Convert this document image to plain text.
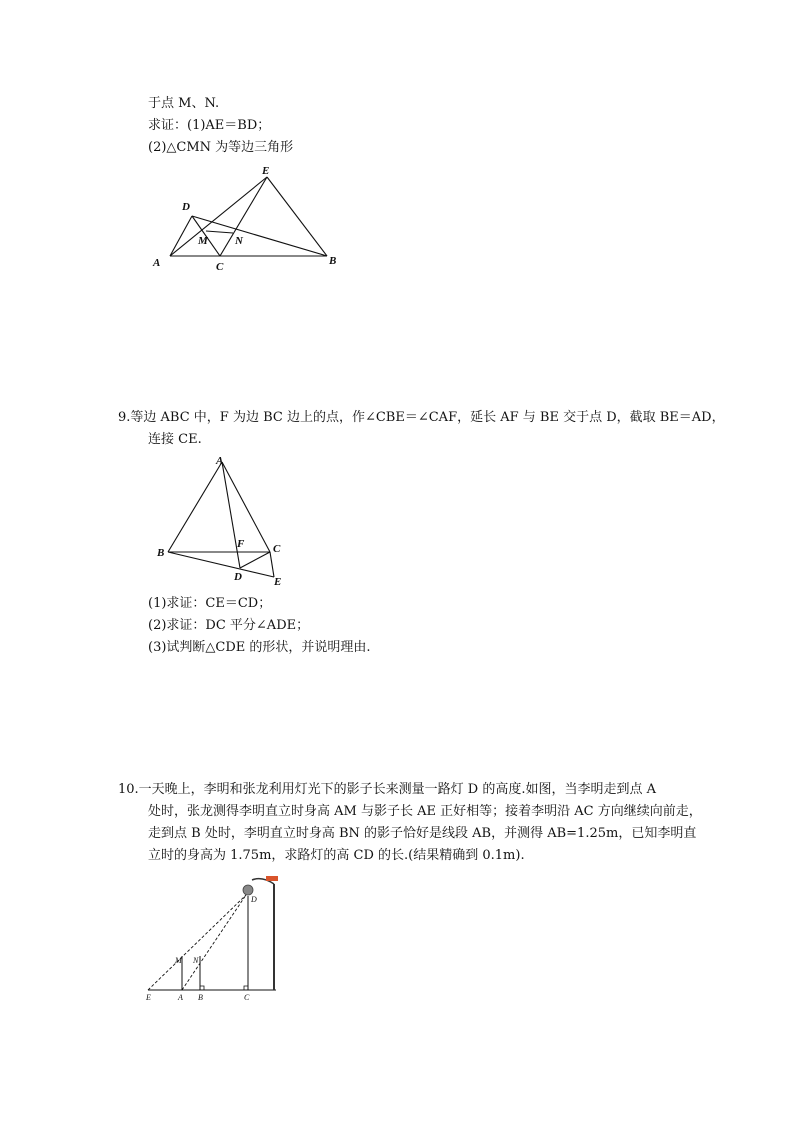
于点 M、N.
求证：(1)AE＝BD；
(2)△CMN 为等边三角形
E
D
M N
A	C	B
9.等边 ABC 中，F 为边 BC 边上的点，作∠CBE＝∠CAF，延长 AF 与 BE 交于点 D，截取 BE＝AD，
连接 CE.
A
B	C
F
D	E
(1)求证：CE＝CD；
(2)求证：DC 平分∠ADE；
(3)试判断△CDE 的形状，并说明理由.
10.一天晚上，李明和张龙利用灯光下的影子长来测量一路灯 D 的高度.如图，当李明走到点 A
处时，张龙测得李明直立时身高 AM 与影子长 AE 正好相等；接着李明沿 AC 方向继续向前走，
走到点 B 处时，李明直立时身高 BN 的影子恰好是线段 AB，并测得 AB=1.25m，已知李明直
立时的身高为 1.75m，求路灯的高 CD 的长.(结果精确到 0.1m).
D
M N
E	A B	C
